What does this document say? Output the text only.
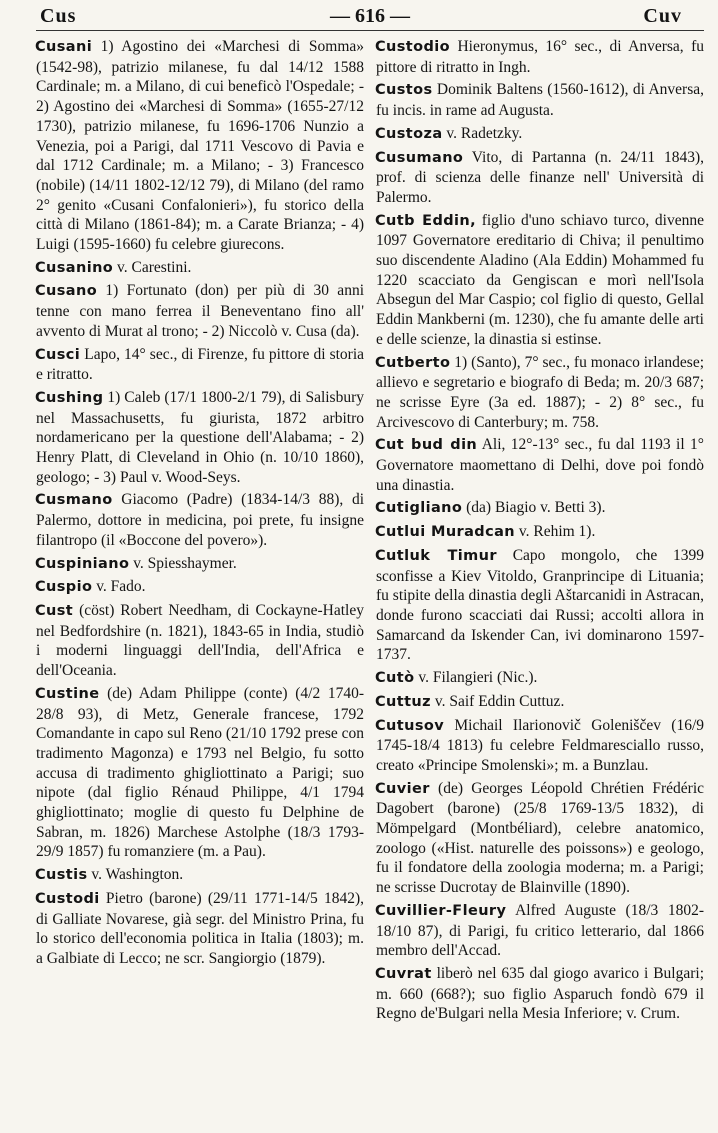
Cus	— 616 —	Cuv

Cusani 1) Agostino dei «Marchesi di Somma» (1542-98), patrizio milanese, fu dal 14/12 1588 Cardinale; m. a Milano, di cui beneficò l'Ospedale; - 2) Agostino dei «Marchesi di Somma» (1655-27/12 1730), patrizio milanese, fu 1696-1706 Nunzio a Venezia, poi a Parigi, dal 1711 Vescovo di Pavia e dal 1712 Cardinale; m. a Milano; - 3) Francesco (nobile) (14/11 1802-12/12 79), di Milano (del ramo 2° genito «Cusani Confalonieri»), fu storico della città di Milano (1861-84); m. a Carate Brianza; - 4) Luigi (1595-1660) fu celebre giurecons.

Cusanino v. Carestini.

Cusano 1) Fortunato (don) per più di 30 anni tenne con mano ferrea il Beneventano fino all' avvento di Murat al trono; - 2) Niccolò v. Cusa (da).

Cusci Lapo, 14° sec., di Firenze, fu pittore di storia e ritratto.

Cushing 1) Caleb (17/1 1800-2/1 79), di Salisbury nel Massachusetts, fu giurista, 1872 arbitro nordamericano per la questione dell'Alabama; - 2) Henry Platt, di Cleveland in Ohio (n. 10/10 1860), geologo; - 3) Paul v. Wood-Seys.

Cusmano Giacomo (Padre) (1834-14/3 88), di Palermo, dottore in medicina, poi prete, fu insigne filantropo (il «Boccone del povero»).

Cuspiniano v. Spiesshaymer.

Cuspio v. Fado.

Cust (cöst) Robert Needham, di Cockayne-Hatley nel Bedfordshire (n. 1821), 1843-65 in India, studiò i moderni linguaggi dell'India, dell'Africa e dell'Oceania.

Custine (de) Adam Philippe (conte) (4/2 1740-28/8 93), di Metz, Generale francese, 1792 Comandante in capo sul Reno (21/10 1792 prese con tradimento Magonza) e 1793 nel Belgio, fu sotto accusa di tradimento ghigliottinato a Parigi; suo nipote (dal figlio Rénaud Philippe, 4/1 1794 ghigliottinato; moglie di questo fu Delphine de Sabran, m. 1826) Marchese Astolphe (18/3 1793-29/9 1857) fu romanziere (m. a Pau).

Custis v. Washington.

Custodi Pietro (barone) (29/11 1771-14/5 1842), di Galliate Novarese, già segr. del Ministro Prina, fu lo storico dell'economia politica in Italia (1803); m. a Galbiate di Lecco; ne scr. Sangiorgio (1879).

Custodio Hieronymus, 16° sec., di Anversa, fu pittore di ritratto in Ingh.

Custos Dominik Baltens (1560-1612), di Anversa, fu incis. in rame ad Augusta.

Custoza v. Radetzky.

Cusumano Vito, di Partanna (n. 24/11 1843), prof. di scienza delle finanze nell' Università di Palermo.

Cutb Eddin, figlio d'uno schiavo turco, divenne 1097 Governatore ereditario di Chiva; il penultimo suo discendente Aladino (Ala Eddin) Mohammed fu 1220 scacciato da Gengiscan e morì nell'Isola Absegun del Mar Caspio; col figlio di questo, Gellal Eddin Mankberni (m. 1230), che fu amante delle arti e delle scienze, la dinastia si estinse.

Cutberto 1) (Santo), 7° sec., fu monaco irlandese; allievo e segretario e biografo di Beda; m. 20/3 687; ne scrisse Eyre (3a ed. 1887); - 2) 8° sec., fu Arcivescovo di Canterbury; m. 758.

Cut bud din Ali, 12°-13° sec., fu dal 1193 il 1° Governatore maomettano di Delhi, dove poi fondò una dinastia.

Cutigliano (da) Biagio v. Betti 3).

Cutlui Muradcan v. Rehim 1).

Cutluk Timur Capo mongolo, che 1399 sconfisse a Kiev Vitoldo, Granprincipe di Lituania; fu stipite della dinastia degli Aštarcanidi in Astracan, donde furono scacciati dai Russi; accolti allora in Samarcand da Iskender Can, ivi dominarono 1597-1737.

Cutò v. Filangieri (Nic.).

Cuttuz v. Saif Eddin Cuttuz.

Cutusov Michail Ilarionovič Goleniščev (16/9 1745-18/4 1813) fu celebre Feldmaresciallo russo, creato «Principe Smolenski»; m. a Bunzlau.

Cuvier (de) Georges Léopold Chrétien Frédéric Dagobert (barone) (25/8 1769-13/5 1832), di Mömpelgard (Montbéliard), celebre anatomico, zoologo («Hist. naturelle des poissons») e geologo, fu il fondatore della zoologia moderna; m. a Parigi; ne scrisse Ducrotay de Blainville (1890).

Cuvillier-Fleury Alfred Auguste (18/3 1802-18/10 87), di Parigi, fu critico letterario, dal 1866 membro dell'Accad.

Cuvrat liberò nel 635 dal giogo avarico i Bulgari; m. 660 (668?); suo figlio Asparuch fondò 679 il Regno de'Bulgari nella Mesia Inferiore; v. Crum.
